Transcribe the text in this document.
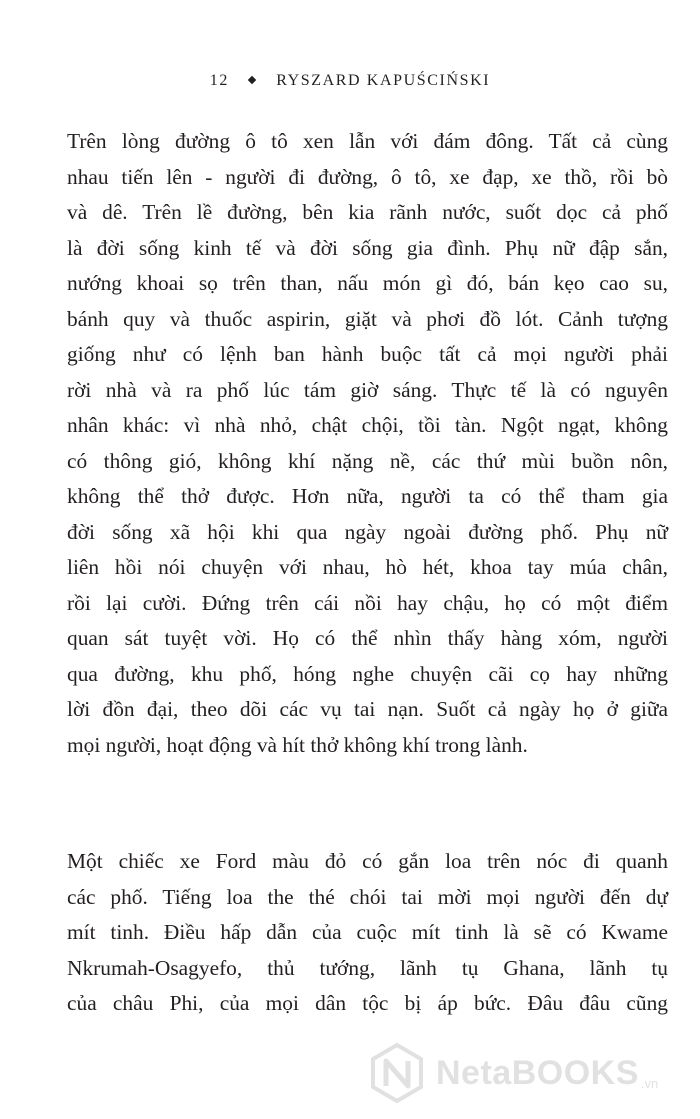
12	RYSZARD KAPUŚCIŃSKI
Trên lòng đường ô tô xen lẫn với đám đông. Tất cả cùng
nhau tiến lên - người đi đường, ô tô, xe đạp, xe thồ, rồi bò
và dê. Trên lề đường, bên kia rãnh nước, suốt dọc cả phố
là đời sống kinh tế và đời sống gia đình. Phụ nữ đập sắn,
nướng khoai sọ trên than, nấu món gì đó, bán kẹo cao su,
bánh quy và thuốc aspirin, giặt và phơi đồ lót. Cảnh tượng
giống như có lệnh ban hành buộc tất cả mọi người phải
rời nhà và ra phố lúc tám giờ sáng. Thực tế là có nguyên
nhân khác: vì nhà nhỏ, chật chội, tồi tàn. Ngột ngạt, không
có thông gió, không khí nặng nề, các thứ mùi buồn nôn,
không thể thở được. Hơn nữa, người ta có thể tham gia
đời sống xã hội khi qua ngày ngoài đường phố. Phụ nữ
liên hồi nói chuyện với nhau, hò hét, khoa tay múa chân,
rồi lại cười. Đứng trên cái nồi hay chậu, họ có một điểm
quan sát tuyệt vời. Họ có thể nhìn thấy hàng xóm, người
qua đường, khu phố, hóng nghe chuyện cãi cọ hay những
lời đồn đại, theo dõi các vụ tai nạn. Suốt cả ngày họ ở giữa
mọi người, hoạt động và hít thở không khí trong lành.
Một chiếc xe Ford màu đỏ có gắn loa trên nóc đi quanh
các phố. Tiếng loa the thé chói tai mời mọi người đến dự
mít tinh. Điều hấp dẫn của cuộc mít tinh là sẽ có Kwame
Nkrumah-Osagyefo, thủ tướng, lãnh tụ Ghana, lãnh tụ
của châu Phi, của mọi dân tộc bị áp bức. Đâu đâu cũng
NetaBOOKS .vn
